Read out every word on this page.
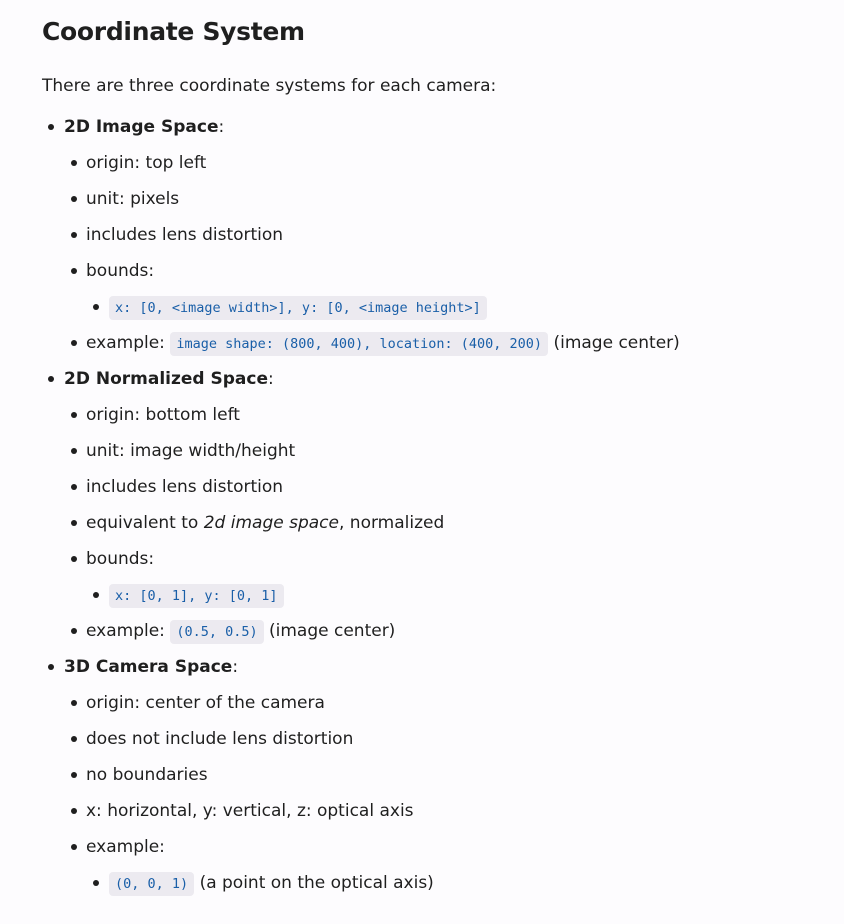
Coordinate System

There are three coordinate systems for each camera:

2D Image Space:
origin: top left
unit: pixels
includes lens distortion
bounds:
x: [0, <image width>], y: [0, <image height>]
example: image shape: (800, 400), location: (400, 200) (image center)
2D Normalized Space:
origin: bottom left
unit: image width/height
includes lens distortion
equivalent to 2d image space, normalized
bounds:
x: [0, 1], y: [0, 1]
example: (0.5, 0.5) (image center)
3D Camera Space:
origin: center of the camera
does not include lens distortion
no boundaries
x: horizontal, y: vertical, z: optical axis
example:
(0, 0, 1) (a point on the optical axis)
